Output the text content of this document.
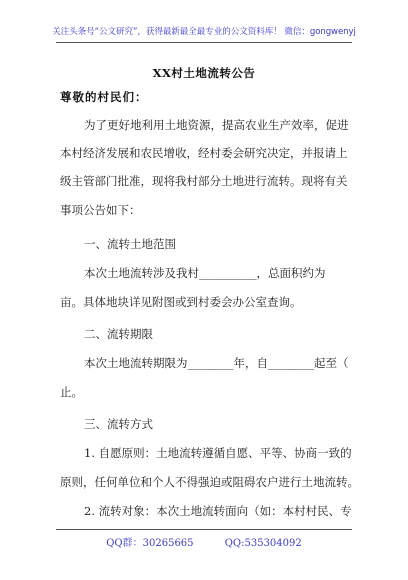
关注头条号“公文研究”，获得最新最全最专业的公文资料库！ 微信：gongwenyj
XX村土地流转公告
尊敬的村民们：
为了更好地利用土地资源，提高农业生产效率，促进
本村经济发展和农民增收，经村委会研究决定，并报请上
级主管部门批准，现将我村部分土地进行流转。现将有关
事项公告如下：
一、流转土地范围
本次土地流转涉及我村__________，总面积约为
亩。具体地块详见附图或到村委会办公室查询。
二、流转期限
本次土地流转期限为________年，自________起至（
止。
三、流转方式
1. 自愿原则：土地流转遵循自愿、平等、协商一致的
原则，任何单位和个人不得强迫或阻碍农户进行土地流转。
2. 流转对象：本次土地流转面向（如：本村村民、专
QQ群：30265665	QQ:535304092
